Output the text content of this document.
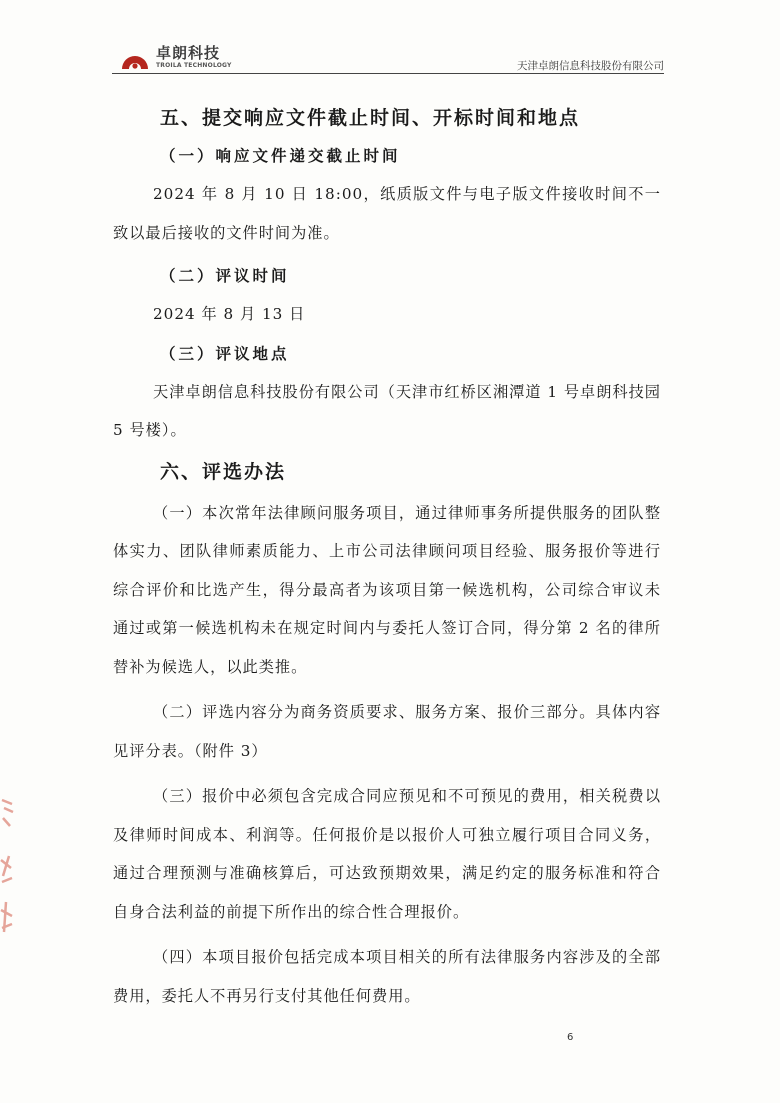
卓朗科技
TROILA TECHNOLOGY	天津卓朗信息科技股份有限公司
五、提交响应文件截止时间、开标时间和地点
（一）响应文件递交截止时间
2024 年 8 月 10 日 18:00，纸质版文件与电子版文件接收时间不一致以最后接收的文件时间为准。
（二）评议时间
2024 年 8 月 13 日
（三）评议地点
天津卓朗信息科技股份有限公司（天津市红桥区湘潭道 1 号卓朗科技园 5 号楼）。
六、评选办法
（一）本次常年法律顾问服务项目，通过律师事务所提供服务的团队整体实力、团队律师素质能力、上市公司法律顾问项目经验、服务报价等进行综合评价和比选产生，得分最高者为该项目第一候选机构，公司综合审议未通过或第一候选机构未在规定时间内与委托人签订合同，得分第 2 名的律所替补为候选人，以此类推。
（二）评选内容分为商务资质要求、服务方案、报价三部分。具体内容见评分表。（附件 3）
（三）报价中必须包含完成合同应预见和不可预见的费用，相关税费以及律师时间成本、利润等。任何报价是以报价人可独立履行项目合同义务，通过合理预测与准确核算后，可达致预期效果，满足约定的服务标准和符合自身合法利益的前提下所作出的综合性合理报价。
（四）本项目报价包括完成本项目相关的所有法律服务内容涉及的全部费用，委托人不再另行支付其他任何费用。
6
